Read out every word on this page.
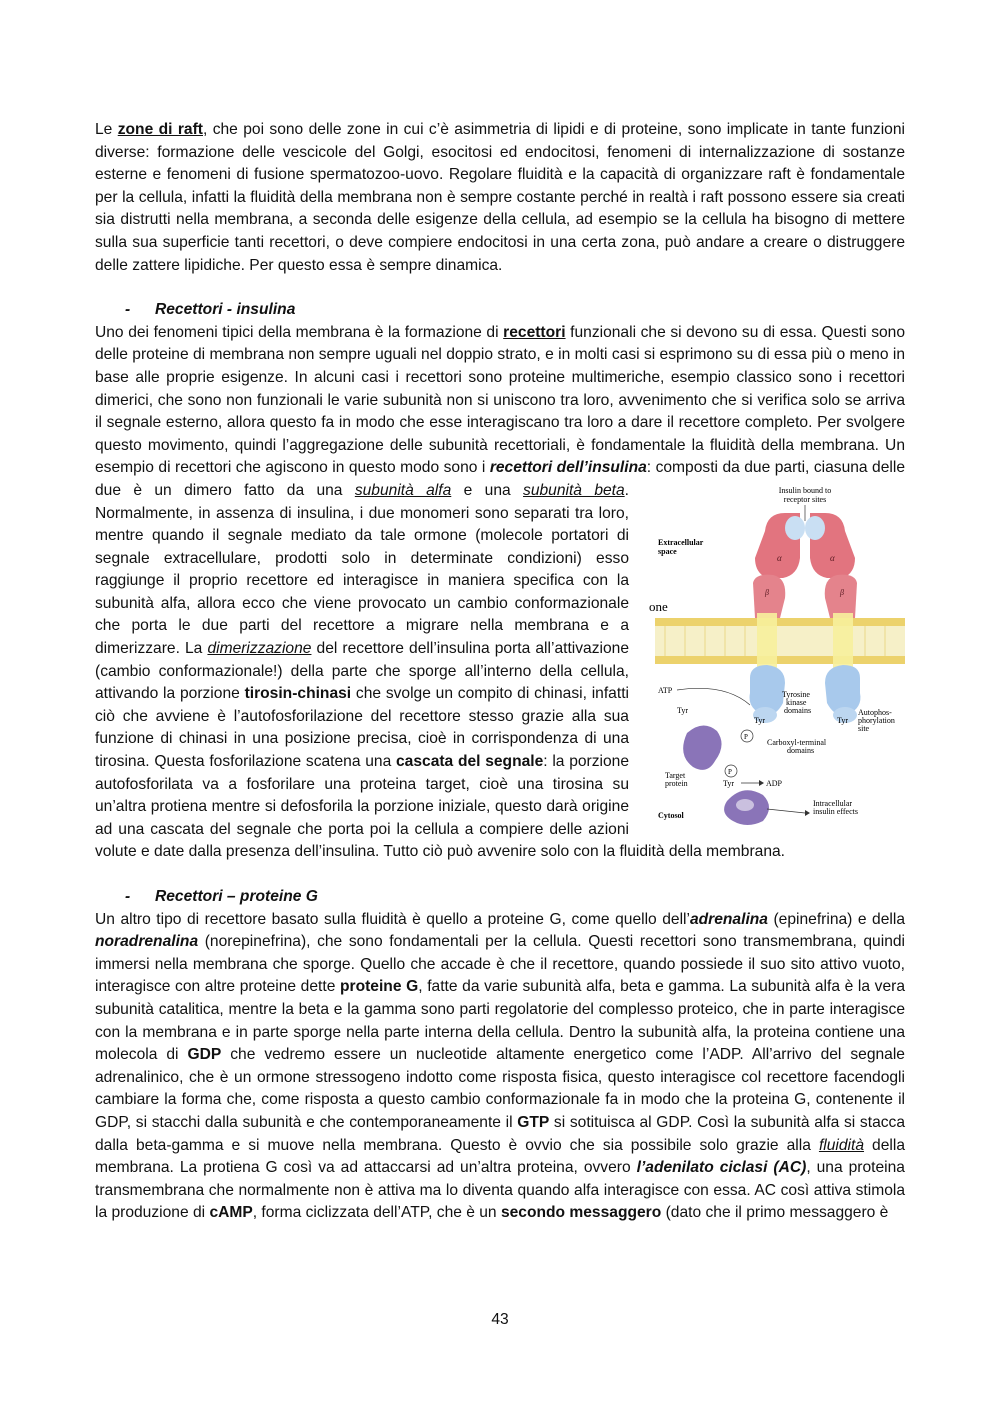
Le zone di raft, che poi sono delle zone in cui c’è asimmetria di lipidi e di proteine, sono implicate in tante funzioni diverse: formazione delle vescicole del Golgi, esocitosi ed endocitosi, fenomeni di internalizzazione di sostanze esterne e fenomeni di fusione spermatozoo-uovo. Regolare fluidità e la capacità di organizzare raft è fondamentale per la cellula, infatti la fluidità della membrana non è sempre costante perché in realtà i raft possono essere sia creati sia distrutti nella membrana, a seconda delle esigenze della cellula, ad esempio se la cellula ha bisogno di mettere sulla sua superficie tanti recettori, o deve compiere endocitosi in una certa zona, può andare a creare o distruggere delle zattere lipidiche. Per questo essa è sempre dinamica.

- Recettori - insulina

Uno dei fenomeni tipici della membrana è la formazione di recettori funzionali che si devono su di essa. Questi sono delle proteine di membrana non sempre uguali nel doppio strato, e in molti casi si esprimono su di essa più o meno in base alle proprie esigenze. In alcuni casi i recettori sono proteine multimeriche, esempio classico sono i recettori dimerici, che sono non funzionali le varie subunità non si uniscono tra loro, avvenimento che si verifica solo se arriva il segnale esterno, allora questo fa in modo che esse interagiscano tra loro a dare il recettore completo. Per svolgere questo movimento, quindi l’aggregazione delle subunità recettoriali, è fondamentale la fluidità della membrana. Un esempio di recettori che agiscono in questo modo sono i recettori dell’insulina: composti da due parti, ciasuna delle due è un dimero fatto da una subunità alfa e una subunità beta	Insulin bound to
receptor sites
Extracellular
space
α	α
β	β
one
ATP
Tyr
Tyr	Tyr
P
Tyrosine
kinase
domains	Autophos-
phorylation
site
Carboxyl-terminal
domains
Target
protein
P
Tyr	ADP
Cytosol
Intracellular
insulin effects
. Normalmente, in assenza di insulina, i due monomeri sono separati tra loro, mentre quando il segnale mediato da tale ormone (molecole portatori di segnale extracellulare, prodotti solo in determinate condizioni) esso raggiunge il proprio recettore ed interagisce in maniera specifica con la subunità alfa, allora ecco che viene provocato un cambio conformazionale che porta le due parti del recettore a migrare nella membrana e a dimerizzare. La dimerizzazione del recettore dell’insulina porta all’attivazione (cambio conformazionale!) della parte che sporge all’interno della cellula, attivando la porzione tirosin-chinasi che svolge un compito di chinasi, infatti ciò che avviene è l’autofosforilazione del recettore stesso grazie alla sua funzione di chinasi in una posizione precisa, cioè in corrispondenza di una tirosina. Questa fosforilazione scatena una cascata del segnale: la porzione autofosforilata va a fosforilare una proteina target, cioè una tirosina su un’altra protiena mentre si defosforila la porzione iniziale, questo darà origine ad una cascata del segnale che porta poi la cellula a compiere delle azioni volute e date dalla presenza dell’insulina. Tutto ciò può avvenire solo con la fluidità della membrana.

- Recettori – proteine G

Un altro tipo di recettore basato sulla fluidità è quello a proteine G, come quello dell’adrenalina (epinefrina) e della noradrenalina (norepinefrina), che sono fondamentali per la cellula. Questi recettori sono transmembrana, quindi immersi nella membrana che sporge. Quello che accade è che il recettore, quando possiede il suo sito attivo vuoto, interagisce con altre proteine dette proteine G, fatte da varie subunità alfa, beta e gamma. La subunità alfa è la vera subunità catalitica, mentre la beta e la gamma sono parti regolatorie del complesso proteico, che in parte interagisce con la membrana e in parte sporge nella parte interna della cellula. Dentro la subunità alfa, la proteina contiene una molecola di GDP che vedremo essere un nucleotide altamente energetico come l’ADP. All’arrivo del segnale adrenalinico, che è un ormone stressogeno indotto come risposta fisica, questo interagisce col recettore facendogli cambiare la forma che, come risposta a questo cambio conformazionale fa in modo che la proteina G, contenente il GDP, si stacchi dalla subunità e che contemporaneamente il GTP si sotituisca al GDP. Così la subunità alfa si stacca dalla beta-gamma e si muove nella membrana. Questo è ovvio che sia possibile solo grazie alla fluidità della membrana. La protiena G così va ad attaccarsi ad un’altra proteina, ovvero l’adenilato ciclasi (AC), una proteina transmembrana che normalmente non è attiva ma lo diventa quando alfa interagisce con essa. AC così attiva stimola la produzione di cAMP, forma ciclizzata dell’ATP, che è un secondo messaggero (dato che il primo messaggero è

43
